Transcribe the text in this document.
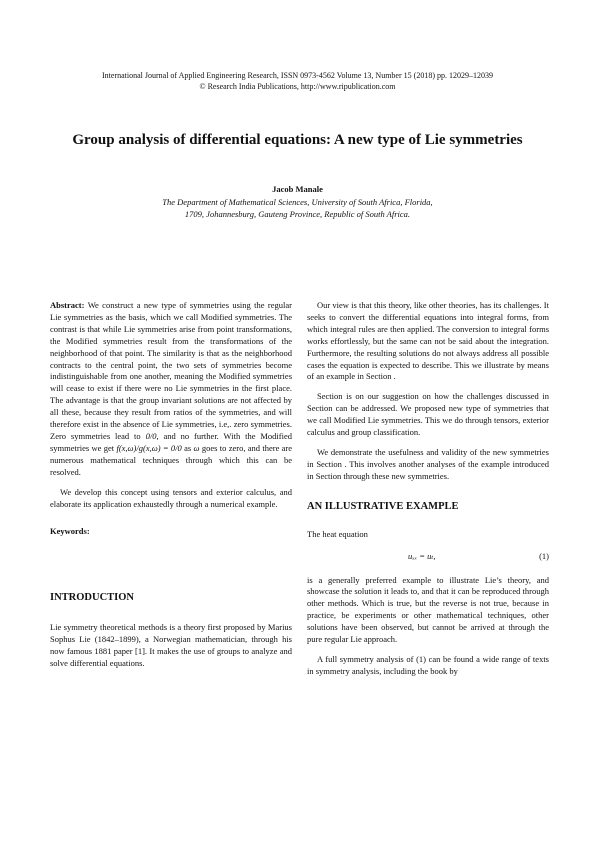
International Journal of Applied Engineering Research, ISSN 0973-4562 Volume 13, Number 15 (2018) pp. 12029–12039
© Research India Publications, http://www.ripublication.com
Group analysis of differential equations: A new type of Lie symmetries
Jacob Manale
The Department of Mathematical Sciences, University of South Africa, Florida,
1709, Johannesburg, Gauteng Province, Republic of South Africa.

Abstract: We construct a new type of symmetries using the regular Lie symmetries as the basis, which we call Modified symmetries. The contrast is that while Lie symmetries arise from point transformations, the Modified symmetries result from the transformations of the neighborhood of that point. The similarity is that as the neighborhood contracts to the central point, the two sets of symmetries become indistinguishable from one another, meaning the Modified symmetries will cease to exist if there were no Lie symmetries in the first place. The advantage is that the group invariant solutions are not affected by all these, because they result from ratios of the symmetries, and will therefore exist in the absence of Lie symmetries, i.e,. zero symmetries. Zero symmetries lead to 0/0, and no further. With the Modified symmetries we get f(x,ω)/g(x,ω) = 0/0 as ω goes to zero, and there are numerous mathematical techniques through which this can be resolved.

We develop this concept using tensors and exterior calculus, and elaborate its application exhaustedly through a numerical example.

Keywords:

INTRODUCTION

Lie symmetry theoretical methods is a theory first proposed by Marius Sophus Lie (1842–1899), a Norwegian mathematician, through his now famous 1881 paper [1]. It makes the use of groups to analyze and solve differential equations.

Our view is that this theory, like other theories, has its challenges. It seeks to convert the differential equations into integral forms, from which integral rules are then applied. The conversion to integral forms works effortlessly, but the same can not be said about the integration. Furthermore, the resulting solutions do not always address all possible cases the equation is expected to describe. This we illustrate by means of an example in Section .

Section is on our suggestion on how the challenges discussed in Section can be addressed. We proposed new type of symmetries that we call Modified Lie symmetries. This we do through tensors, exterior calculus and group classification.

We demonstrate the usefulness and validity of the new symmetries in Section . This involves another analyses of the example introduced in Section through these new symmetries.

AN ILLUSTRATIVE EXAMPLE

The heat equation

uₓₓ = uₜ,	(1)

is a generally preferred example to illustrate Lie’s theory, and showcase the solution it leads to, and that it can be reproduced through other methods. Which is true, but the reverse is not true, because in practice, be experiments or other mathematical techniques, other solutions have been observed, but cannot be arrived at through the pure regular Lie approach.

A full symmetry analysis of (1) can be found a wide range of texts in symmetry analysis, including the book by
